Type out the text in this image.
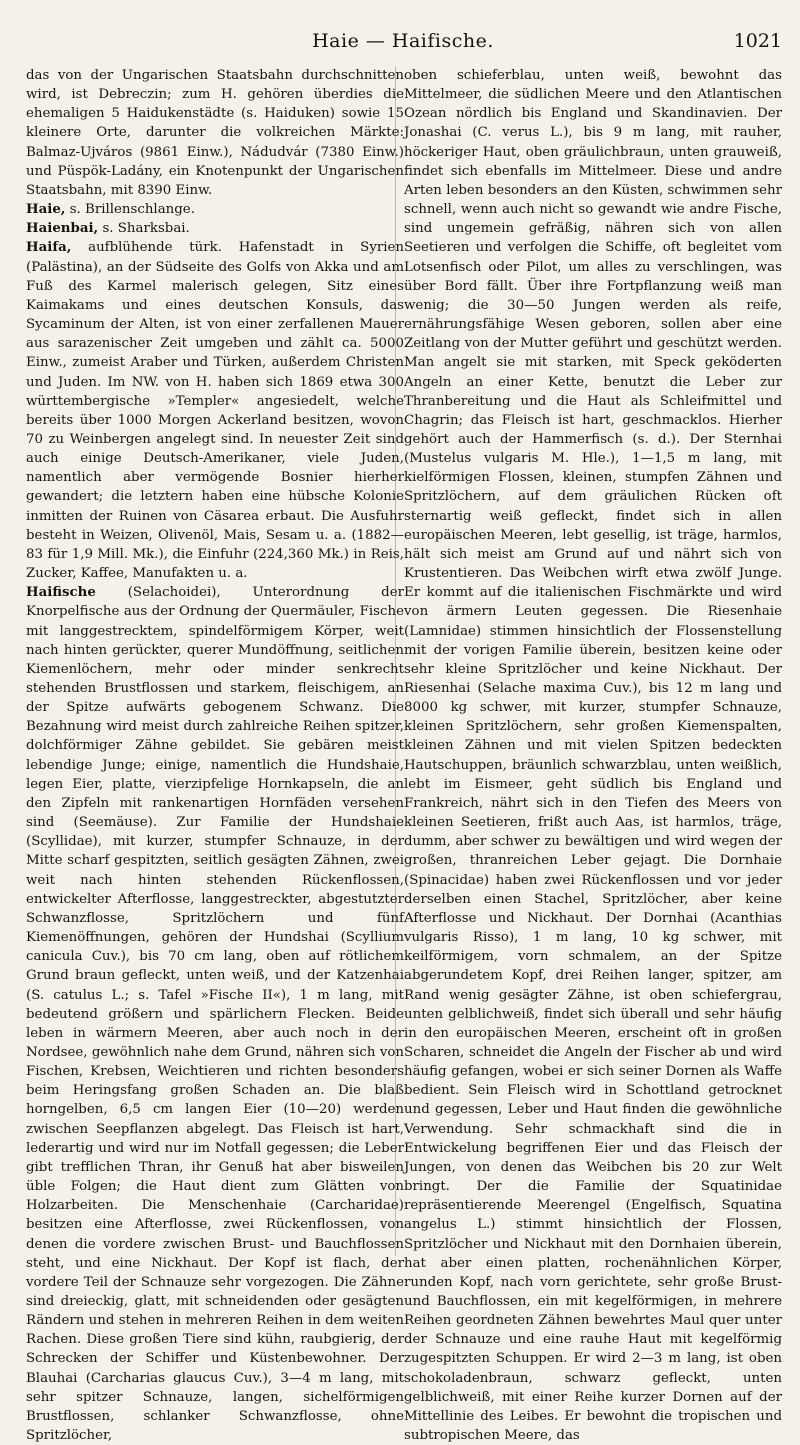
Haie — Haifische.	1021

das von der Ungarischen Staatsbahn durchschnitten wird, ist Debreczin; zum H. gehören überdies die ehemaligen 5 Haidukenstädte (s. Haiduken) sowie 15 kleinere Orte, darunter die volkreichen Märkte: Balmaz-Ujváros (9861 Einw.), Nádudvár (7380 Einw.) und Püspök-Ladány, ein Knotenpunkt der Ungarischen Staatsbahn, mit 8390 Einw.

Haie, s. Brillenschlange.

Haienbai, s. Sharksbai.

Haifa, aufblühende türk. Hafenstadt in Syrien (Palästina), an der Südseite des Golfs von Akka und am Fuß des Karmel malerisch gelegen, Sitz eines Kaimakams und eines deutschen Konsuls, das Sycaminum der Alten, ist von einer zerfallenen Mauer aus sarazenischer Zeit umgeben und zählt ca. 5000 Einw., zumeist Araber und Türken, außerdem Christen und Juden. Im NW. von H. haben sich 1869 etwa 300 württembergische »Templer« angesiedelt, welche bereits über 1000 Morgen Ackerland besitzen, wovon 70 zu Weinbergen angelegt sind. In neuester Zeit sind auch einige Deutsch-Amerikaner, viele Juden, namentlich aber vermögende Bosnier hierher gewandert; die letztern haben eine hübsche Kolonie inmitten der Ruinen von Cäsarea erbaut. Die Ausfuhr besteht in Weizen, Olivenöl, Mais, Sesam u. a. (1882—83 für 1,9 Mill. Mk.), die Einfuhr (224,360 Mk.) in Reis, Zucker, Kaffee, Manufakten u. a.

Haifische (Selachoidei), Unterordnung der Knorpelfische aus der Ordnung der Quermäuler, Fische mit langgestrecktem, spindelförmigem Körper, weit nach hinten gerückter, querer Mundöffnung, seitlichen Kiemenlöchern, mehr oder minder senkrecht stehenden Brustflossen und starkem, fleischigem, an der Spitze aufwärts gebogenem Schwanz. Die Bezahnung wird meist durch zahlreiche Reihen spitzer, dolchförmiger Zähne gebildet. Sie gebären meist lebendige Junge; einige, namentlich die Hundshaie, legen Eier, platte, vierzipfelige Hornkapseln, die an den Zipfeln mit rankenartigen Hornfäden versehen sind (Seemäuse). Zur Familie der Hundshaie (Scyllidae), mit kurzer, stumpfer Schnauze, in der Mitte scharf gespitzten, seitlich gesägten Zähnen, zwei weit nach hinten stehenden Rückenflossen, entwickelter Afterflosse, langgestreckter, abgestutzter Schwanzflosse, Spritzlöchern und fünf Kiemenöffnungen, gehören der Hundshai (Scyllium canicula Cuv.), bis 70 cm lang, oben auf rötlichem Grund braun gefleckt, unten weiß, und der Katzenhai (S. catulus L.; s. Tafel »Fische II«), 1 m lang, mit bedeutend größern und spärlichern Flecken. Beide leben in wärmern Meeren, aber auch noch in der Nordsee, gewöhnlich nahe dem Grund, nähren sich von Fischen, Krebsen, Weichtieren und richten besonders beim Heringsfang großen Schaden an. Die blaß horngelben, 6,5 cm langen Eier (10—20) werden zwischen Seepflanzen abgelegt. Das Fleisch ist hart, lederartig und wird nur im Notfall gegessen; die Leber gibt trefflichen Thran, ihr Genuß hat aber bisweilen üble Folgen; die Haut dient zum Glätten von Holzarbeiten. Die Menschenhaie (Carcharidae) besitzen eine Afterflosse, zwei Rückenflossen, von denen die vordere zwischen Brust- und Bauchflossen steht, und eine Nickhaut. Der Kopf ist flach, der vordere Teil der Schnauze sehr vorgezogen. Die Zähne sind dreieckig, glatt, mit schneidenden oder gesägten Rändern und stehen in mehreren Reihen in dem weiten Rachen. Diese großen Tiere sind kühn, raubgierig, der Schrecken der Schiffer und Küstenbewohner. Der Blauhai (Carcharias glaucus Cuv.), 3—4 m lang, mit sehr spitzer Schnauze, langen, sichelförmigen Brustflossen, schlanker Schwanzflosse, ohne Spritzlöcher,

oben schieferblau, unten weiß, bewohnt das Mittelmeer, die südlichen Meere und den Atlantischen Ozean nördlich bis England und Skandinavien. Der Jonashai (C. verus L.), bis 9 m lang, mit rauher, höckeriger Haut, oben gräulichbraun, unten grauweiß, findet sich ebenfalls im Mittelmeer. Diese und andre Arten leben besonders an den Küsten, schwimmen sehr schnell, wenn auch nicht so gewandt wie andre Fische, sind ungemein gefräßig, nähren sich von allen Seetieren und verfolgen die Schiffe, oft begleitet vom Lotsenfisch oder Pilot, um alles zu verschlingen, was über Bord fällt. Über ihre Fortpflanzung weiß man wenig; die 30—50 Jungen werden als reife, ernährungsfähige Wesen geboren, sollen aber eine Zeitlang von der Mutter geführt und geschützt werden. Man angelt sie mit starken, mit Speck geköderten Angeln an einer Kette, benutzt die Leber zur Thranbereitung und die Haut als Schleifmittel und Chagrin; das Fleisch ist hart, geschmacklos. Hierher gehört auch der Hammerfisch (s. d.). Der Sternhai (Mustelus vulgaris M. Hle.), 1—1,5 m lang, mit kielförmigen Flossen, kleinen, stumpfen Zähnen und Spritzlöchern, auf dem gräulichen Rücken oft sternartig weiß gefleckt, findet sich in allen europäischen Meeren, lebt gesellig, ist träge, harmlos, hält sich meist am Grund auf und nährt sich von Krustentieren. Das Weibchen wirft etwa zwölf Junge. Er kommt auf die italienischen Fischmärkte und wird von ärmern Leuten gegessen. Die Riesenhaie (Lamnidae) stimmen hinsichtlich der Flossenstellung mit der vorigen Familie überein, besitzen keine oder sehr kleine Spritzlöcher und keine Nickhaut. Der Riesenhai (Selache maxima Cuv.), bis 12 m lang und 8000 kg schwer, mit kurzer, stumpfer Schnauze, kleinen Spritzlöchern, sehr großen Kiemenspalten, kleinen Zähnen und mit vielen Spitzen bedeckten Hautschuppen, bräunlich schwarzblau, unten weißlich, lebt im Eismeer, geht südlich bis England und Frankreich, nährt sich in den Tiefen des Meers von kleinen Seetieren, frißt auch Aas, ist harmlos, träge, dumm, aber schwer zu bewältigen und wird wegen der großen, thranreichen Leber gejagt. Die Dornhaie (Spinacidae) haben zwei Rückenflossen und vor jeder derselben einen Stachel, Spritzlöcher, aber keine Afterflosse und Nickhaut. Der Dornhai (Acanthias vulgaris Risso), 1 m lang, 10 kg schwer, mit keilförmigem, vorn schmalem, an der Spitze abgerundetem Kopf, drei Reihen langer, spitzer, am Rand wenig gesägter Zähne, ist oben schiefergrau, unten gelblichweiß, findet sich überall und sehr häufig in den europäischen Meeren, erscheint oft in großen Scharen, schneidet die Angeln der Fischer ab und wird häufig gefangen, wobei er sich seiner Dornen als Waffe bedient. Sein Fleisch wird in Schottland getrocknet und gegessen, Leber und Haut finden die gewöhnliche Verwendung. Sehr schmackhaft sind die in Entwickelung begriffenen Eier und das Fleisch der Jungen, von denen das Weibchen bis 20 zur Welt bringt. Der die Familie der Squatinidae repräsentierende Meerengel (Engelfisch, Squatina angelus L.) stimmt hinsichtlich der Flossen, Spritzlöcher und Nickhaut mit den Dornhaien überein, hat aber einen platten, rochenähnlichen Körper, runden Kopf, nach vorn gerichtete, sehr große Brust- und Bauchflossen, ein mit kegelförmigen, in mehrere Reihen geordneten Zähnen bewehrtes Maul quer unter der Schnauze und eine rauhe Haut mit kegelförmig zugespitzten Schuppen. Er wird 2—3 m lang, ist oben schokoladenbraun, schwarz gefleckt, unten gelblichweiß, mit einer Reihe kurzer Dornen auf der Mittellinie des Leibes. Er bewohnt die tropischen und subtropischen Meere, das
